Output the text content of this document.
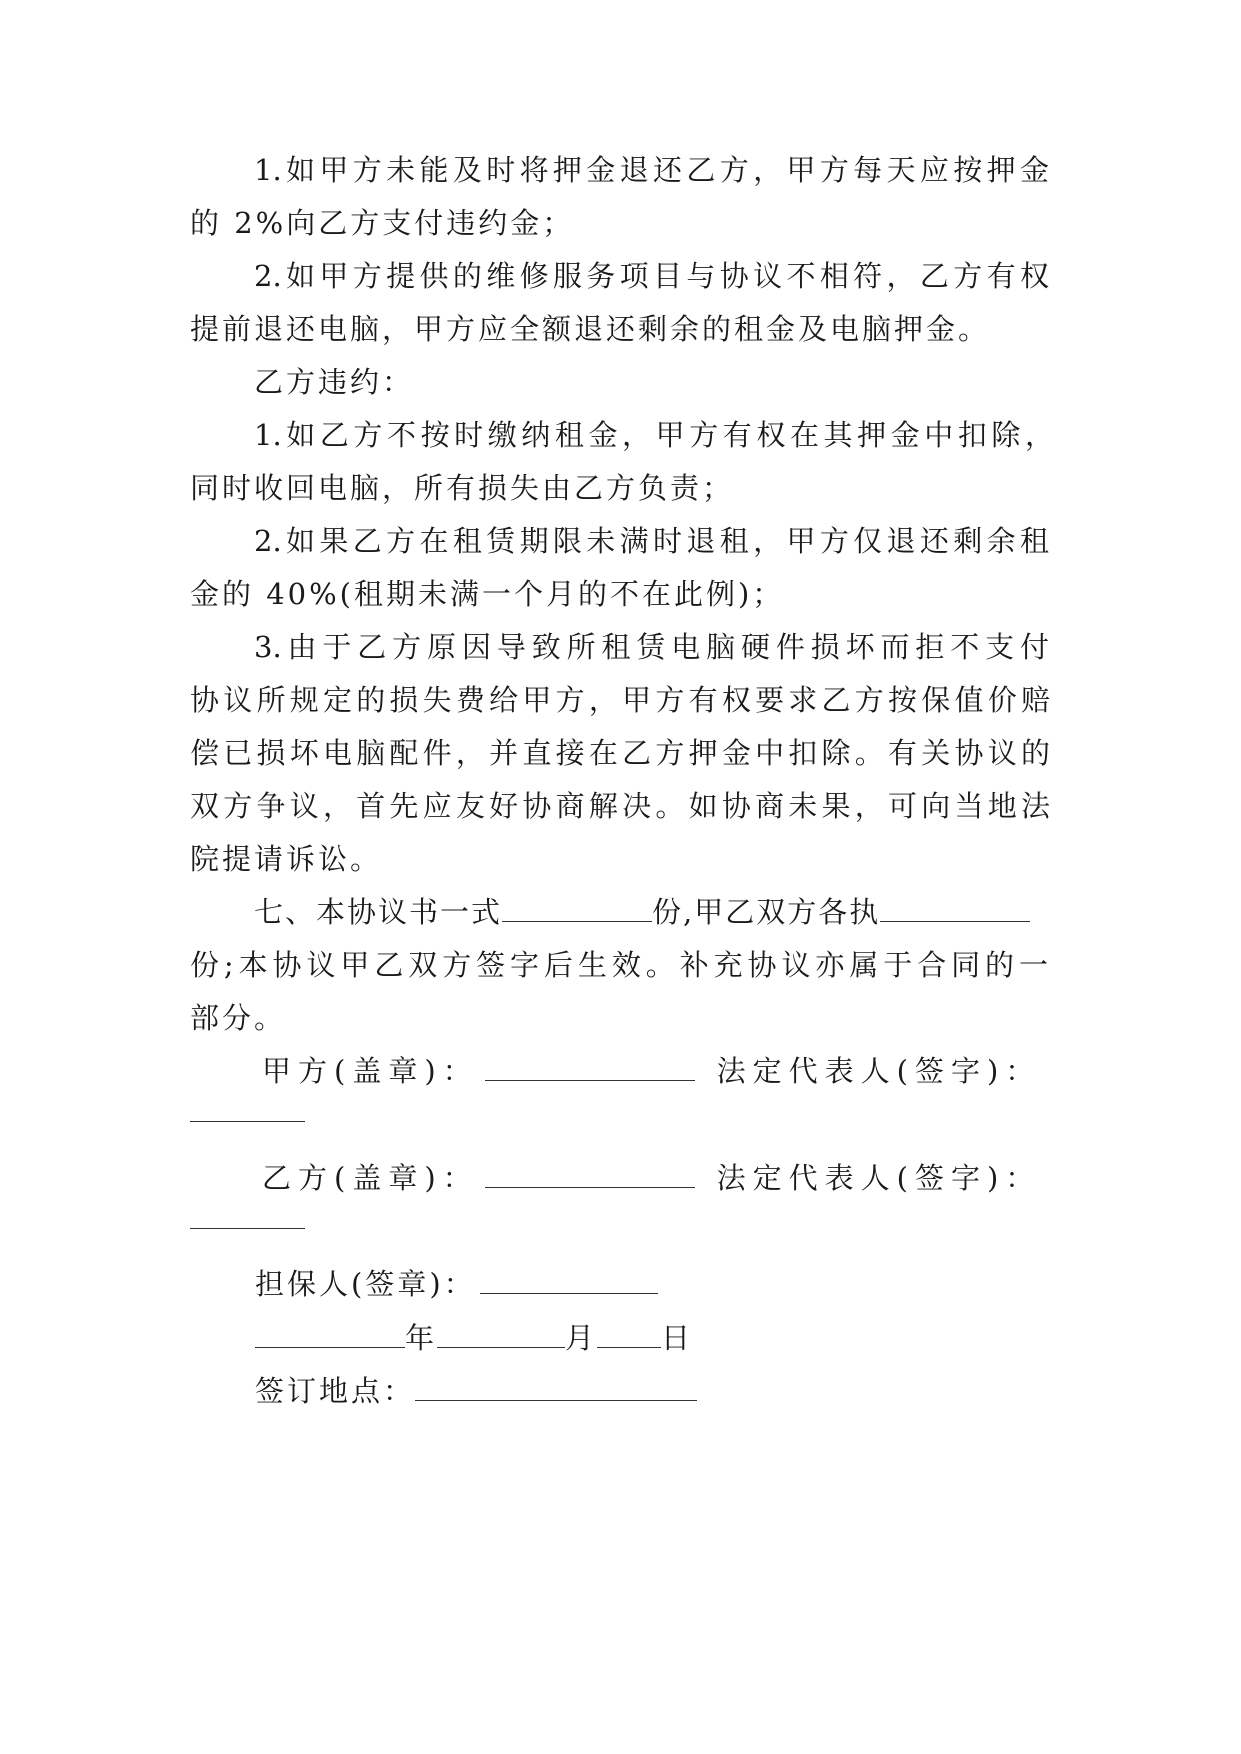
1.如甲方未能及时将押金退还乙方，甲方每天应按押金
的 2%向乙方支付违约金；
2.如甲方提供的维修服务项目与协议不相符，乙方有权
提前退还电脑，甲方应全额退还剩余的租金及电脑押金。
乙方违约：
1.如乙方不按时缴纳租金，甲方有权在其押金中扣除，
同时收回电脑，所有损失由乙方负责；
2.如果乙方在租赁期限未满时退租，甲方仅退还剩余租
金的 40%(租期未满一个月的不在此例)；
3.由于乙方原因导致所租赁电脑硬件损坏而拒不支付
协议所规定的损失费给甲方，甲方有权要求乙方按保值价赔
偿已损坏电脑配件，并直接在乙方押金中扣除。有关协议的
双方争议，首先应友好协商解决。如协商未果，可向当地法
院提请诉讼。
七、本协议书一式	份,甲乙双方各执
份;本协议甲乙双方签字后生效。补充协议亦属于合同的一
部分。
甲方(盖章)：	法定代表人(签字)：
乙方(盖章)：	法定代表人(签字)：
担保人(签章)：
年	月 日
签订地点：
